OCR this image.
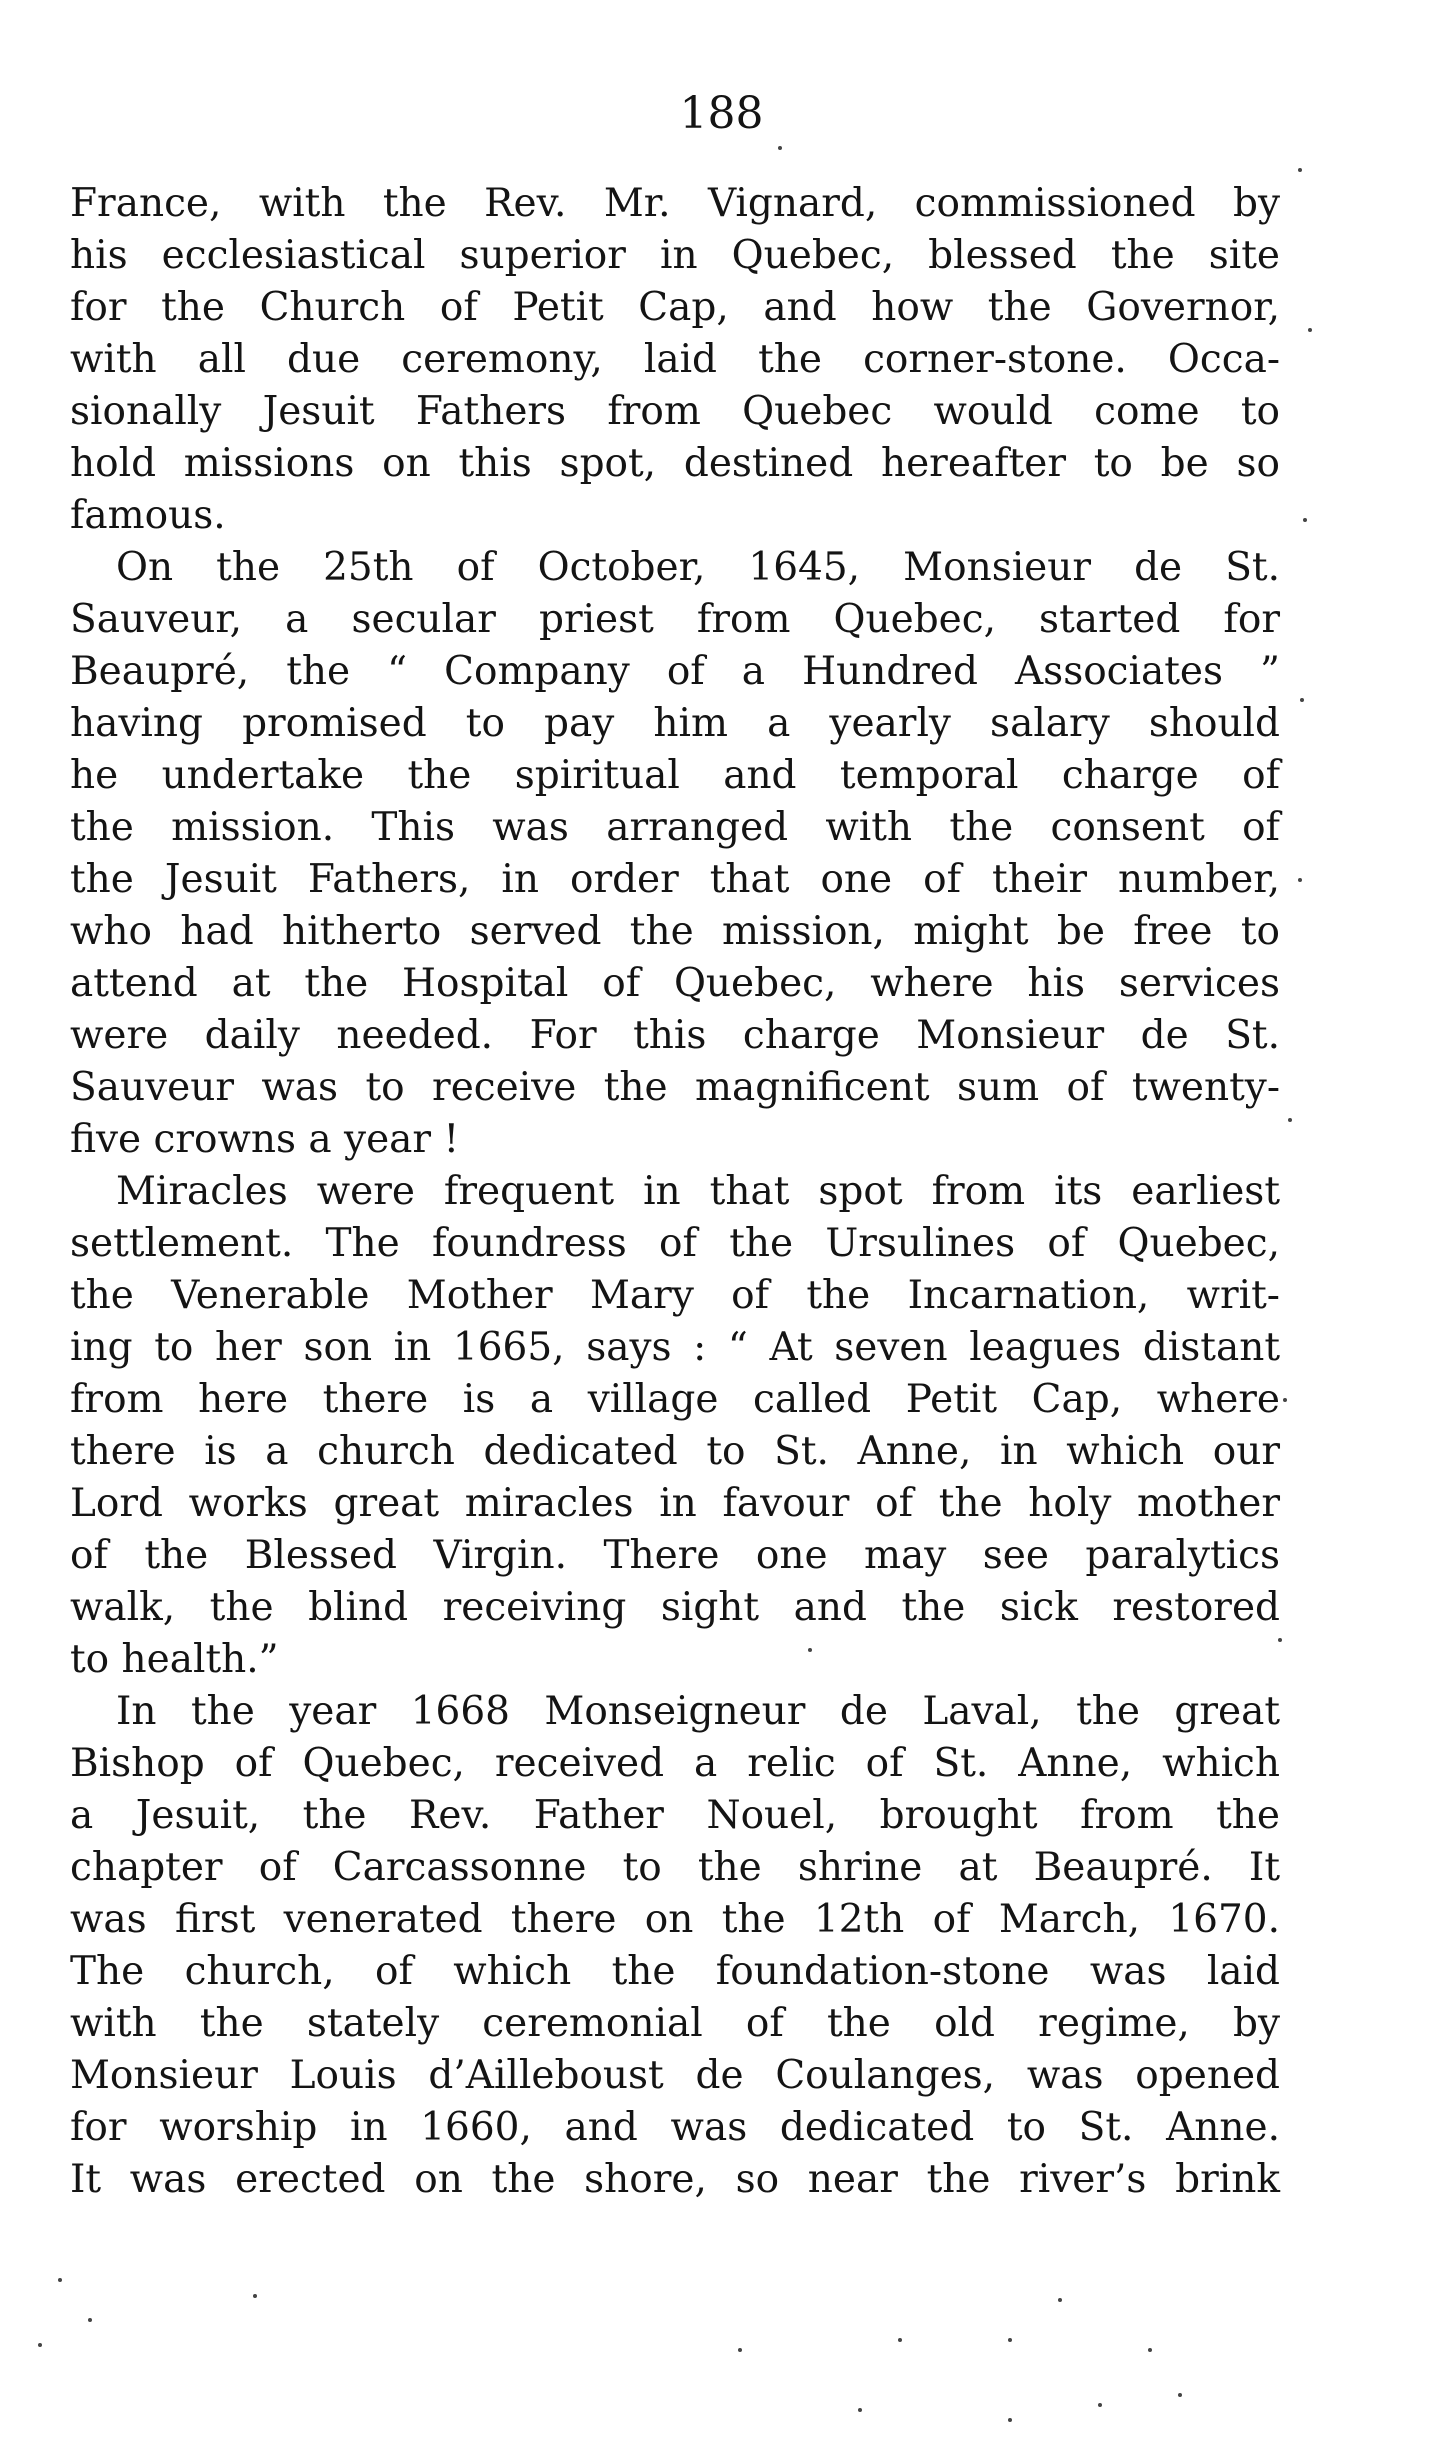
188
France, with the Rev. Mr. Vignard, commissioned by
his ecclesiastical superior in Quebec, blessed the site
for the Church of Petit Cap, and how the Governor,
with all due ceremony, laid the corner-stone. Occa-
sionally Jesuit Fathers from Quebec would come to
hold missions on this spot, destined hereafter to be so
famous.
On the 25th of October, 1645, Monsieur de St.
Sauveur, a secular priest from Quebec, started for
Beaupré, the “ Company of a Hundred Associates ”
having promised to pay him a yearly salary should
he undertake the spiritual and temporal charge of
the mission. This was arranged with the consent of
the Jesuit Fathers, in order that one of their number,
who had hitherto served the mission, might be free to
attend at the Hospital of Quebec, where his services
were daily needed. For this charge Monsieur de St.
Sauveur was to receive the magnificent sum of twenty-
five crowns a year !
Miracles were frequent in that spot from its earliest
settlement. The foundress of the Ursulines of Quebec,
the Venerable Mother Mary of the Incarnation, writ-
ing to her son in 1665, says : “ At seven leagues distant
from here there is a village called Petit Cap, where
there is a church dedicated to St. Anne, in which our
Lord works great miracles in favour of the holy mother
of the Blessed Virgin. There one may see paralytics
walk, the blind receiving sight and the sick restored
to health.”
In the year 1668 Monseigneur de Laval, the great
Bishop of Quebec, received a relic of St. Anne, which
a Jesuit, the Rev. Father Nouel, brought from the
chapter of Carcassonne to the shrine at Beaupré. It
was first venerated there on the 12th of March, 1670.
The church, of which the foundation-stone was laid
with the stately ceremonial of the old regime, by
Monsieur Louis d’Ailleboust de Coulanges, was opened
for worship in 1660, and was dedicated to St. Anne.
It was erected on the shore, so near the river’s brink
